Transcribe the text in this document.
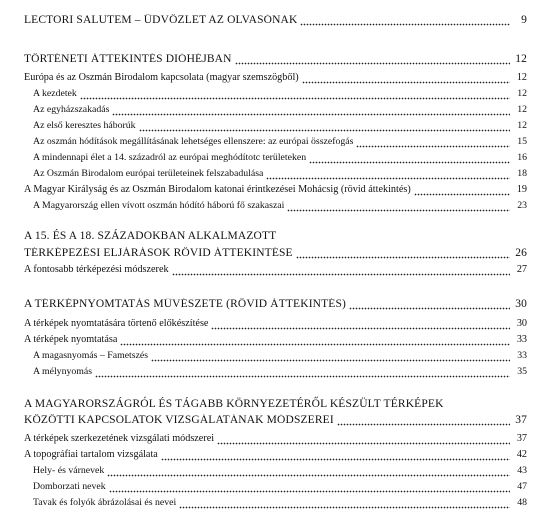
LECTORI SALUTEM – ÜDVÖZLET AZ OLVASÓNAK	9
TÖRTÉNETI ÁTTEKINTÉS DIÓHÉJBAN	12
Európa és az Oszmán Birodalom kapcsolata (magyar szemszögből)	12
A kezdetek	12
Az egyházszakadás	12
Az első keresztes háborúk	12
Az oszmán hódítások megállításának lehetséges ellenszere: az európai összefogás	15
A mindennapi élet a 14. századról az európai meghódítotc területeken	16
Az Oszmán Birodalom európai területeinek felszabadulása	18
A Magyar Királyság és az Oszmán Birodalom katonai érintkezései Mohácsig (rövid áttekintés)	19
A Magyarország ellen vívott oszmán hódító háború fő szakaszai	23
A 15. ÉS A 18. SZÁZADOKBAN ALKALMAZOTT
TÉRKÉPEZÉSI ELJÁRÁSOK RÖVID ÁTTEKINTÉSE	26
A fontosabb térképezési módszerek	27
A TÉRKÉPNYOMTATÁS MŰVÉSZETE (RÖVID ÁTTEKINTÉS)	30
A térképek nyomtatására törtenő előkészítése	30
A térképek nyomtatása	33
A magasnyomás – Fametszés	33
A mélynyomás	35
A MAGYARORSZÁGRÓL ÉS TÁGABB KÖRNYEZETÉRŐL KÉSZÜLT TÉRKÉPEK
KÖZÖTTI KAPCSOLATOK VIZSGÁLATÁNAK MÓDSZEREI	37
A térképek szerkezetének vizsgálati módszerei	37
A topográfiai tartalom vizsgálata	42
Hely- és várnevek	43
Domborzati nevek	47
Tavak és folyók ábrázolásai és nevei	48
